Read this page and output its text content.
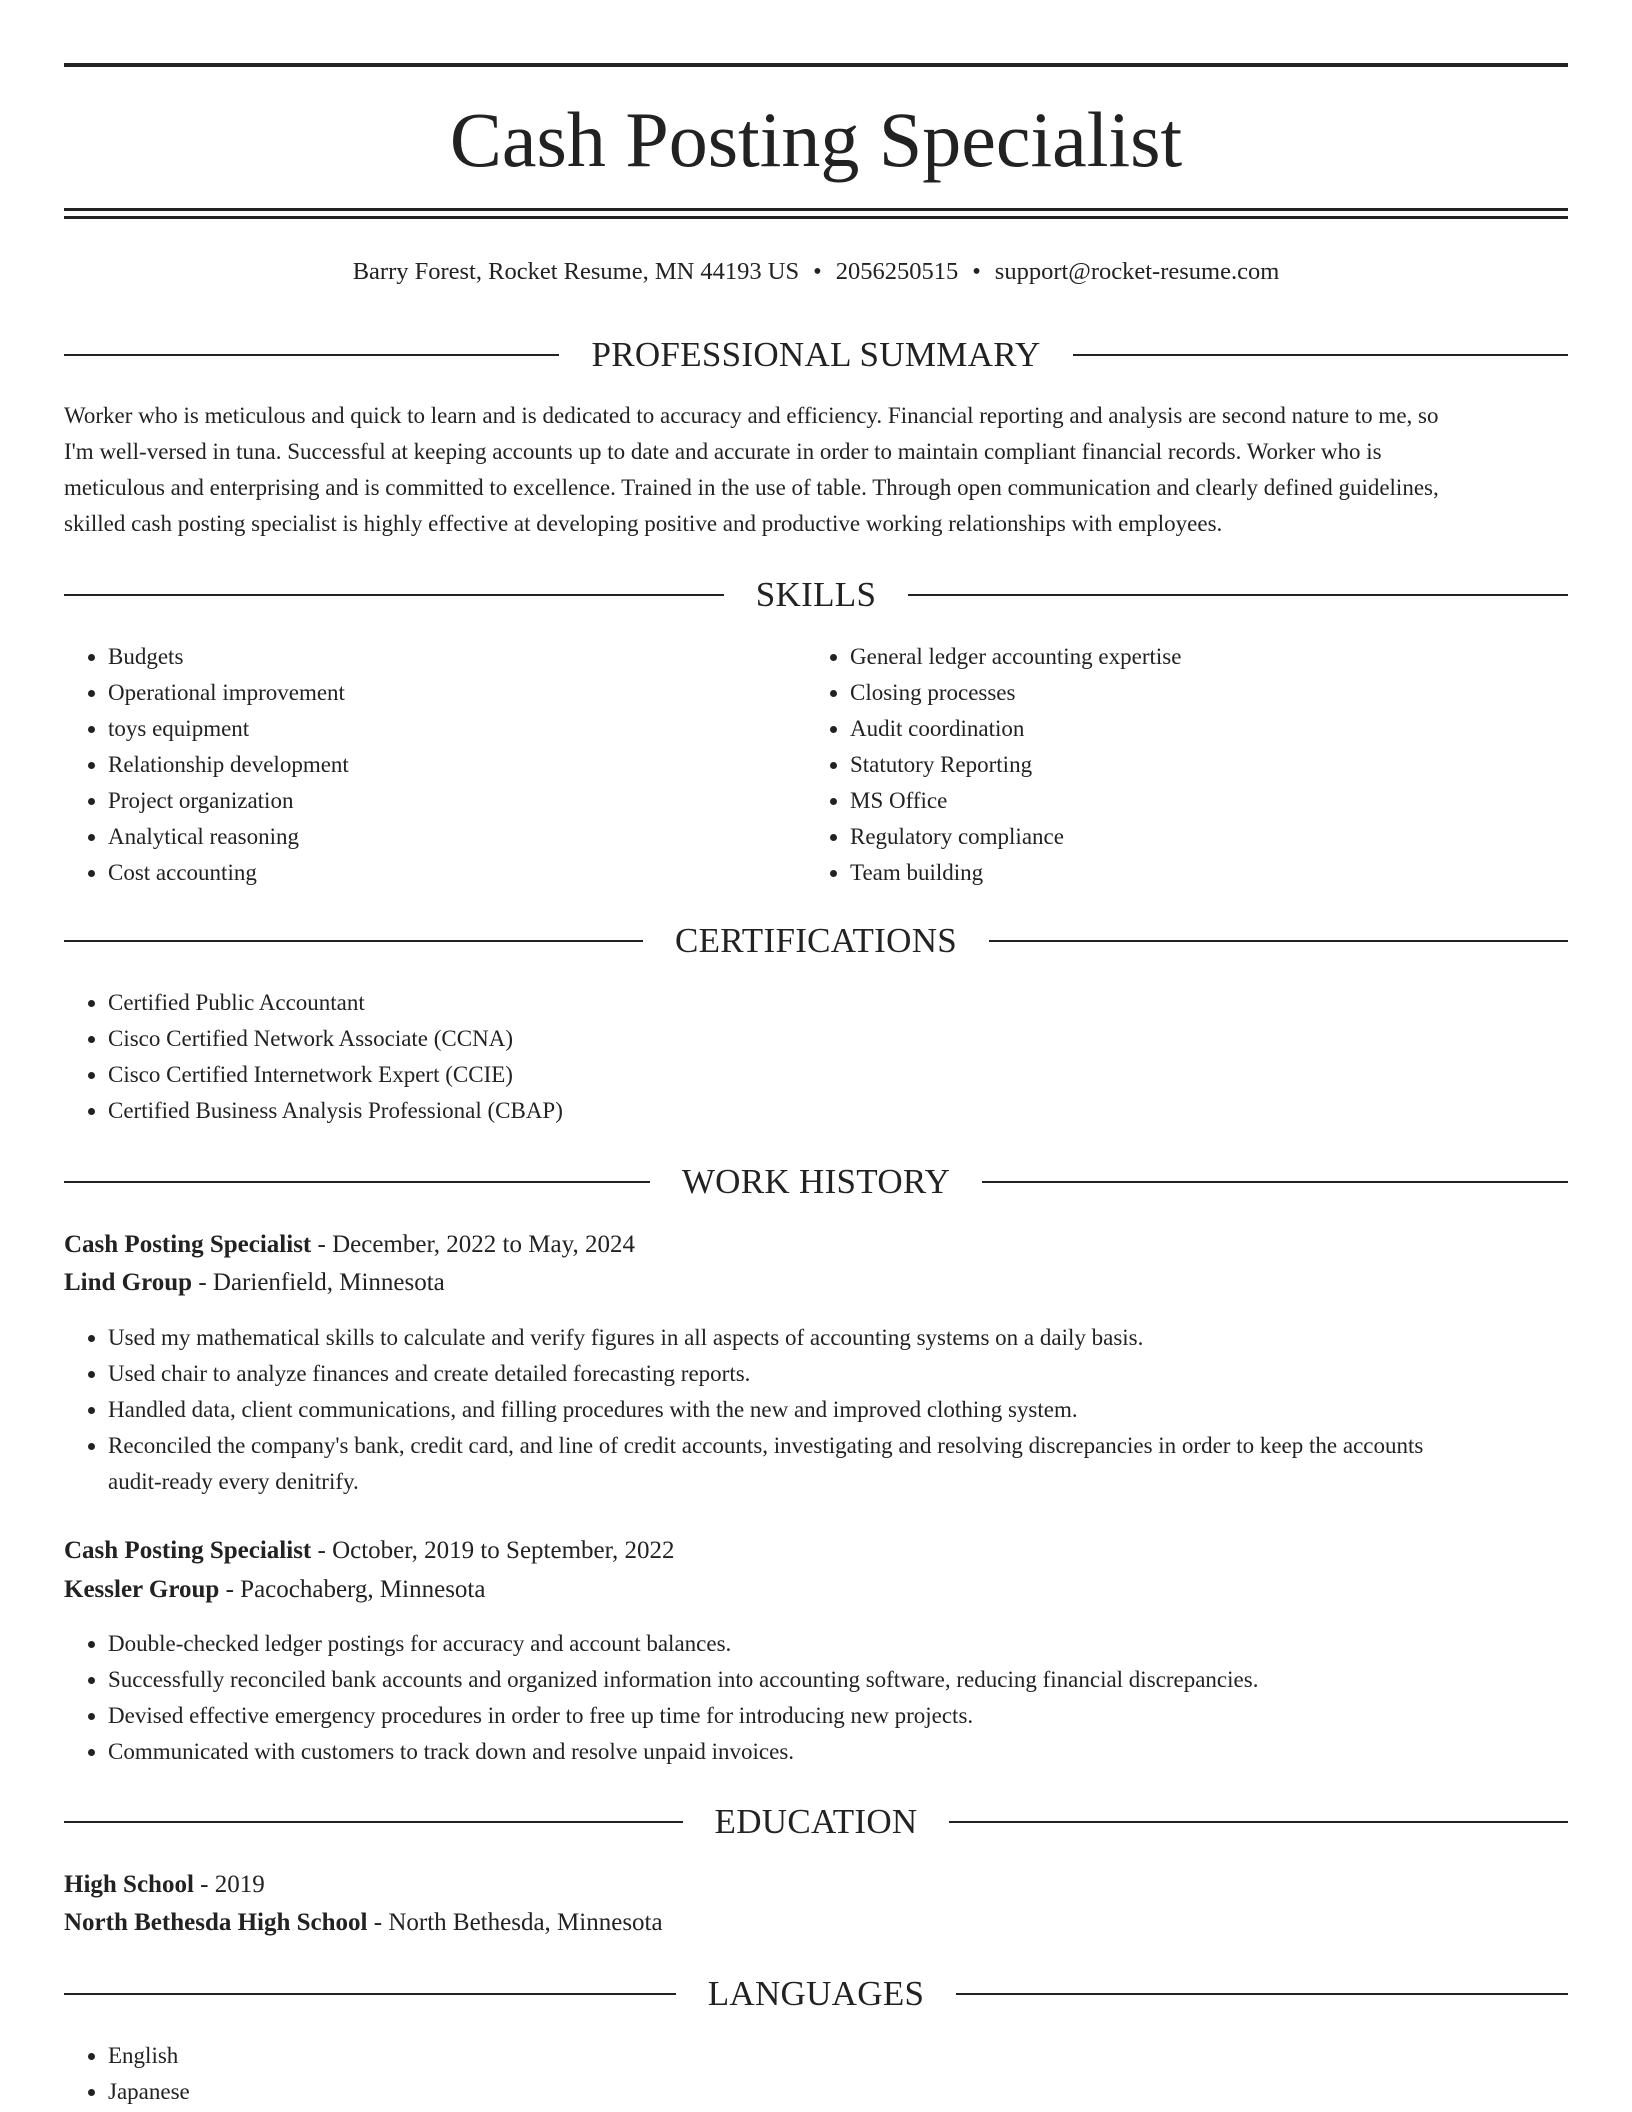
Cash Posting Specialist
Barry Forest, Rocket Resume, MN 44193 US • 2056250515 • support@rocket-resume.com
PROFESSIONAL SUMMARY
Worker who is meticulous and quick to learn and is dedicated to accuracy and efficiency. Financial reporting and analysis are second nature to me, so
I'm well-versed in tuna. Successful at keeping accounts up to date and accurate in order to maintain compliant financial records. Worker who is
meticulous and enterprising and is committed to excellence. Trained in the use of table. Through open communication and clearly defined guidelines,
skilled cash posting specialist is highly effective at developing positive and productive working relationships with employees.
SKILLS
• Budgets
• Operational improvement
• toys equipment
• Relationship development
• Project organization
• Analytical reasoning
• Cost accounting
• General ledger accounting expertise
• Closing processes
• Audit coordination
• Statutory Reporting
• MS Office
• Regulatory compliance
• Team building
CERTIFICATIONS
• Certified Public Accountant
• Cisco Certified Network Associate (CCNA)
• Cisco Certified Internetwork Expert (CCIE)
• Certified Business Analysis Professional (CBAP)
WORK HISTORY
Cash Posting Specialist - December, 2022 to May, 2024
Lind Group - Darienfield, Minnesota
• Used my mathematical skills to calculate and verify figures in all aspects of accounting systems on a daily basis.
• Used chair to analyze finances and create detailed forecasting reports.
• Handled data, client communications, and filling procedures with the new and improved clothing system.
• Reconciled the company's bank, credit card, and line of credit accounts, investigating and resolving discrepancies in order to keep the accounts
audit-ready every denitrify.
Cash Posting Specialist - October, 2019 to September, 2022
Kessler Group - Pacochaberg, Minnesota
• Double-checked ledger postings for accuracy and account balances.
• Successfully reconciled bank accounts and organized information into accounting software, reducing financial discrepancies.
• Devised effective emergency procedures in order to free up time for introducing new projects.
• Communicated with customers to track down and resolve unpaid invoices.
EDUCATION
High School - 2019
North Bethesda High School - North Bethesda, Minnesota
LANGUAGES
• English
• Japanese
